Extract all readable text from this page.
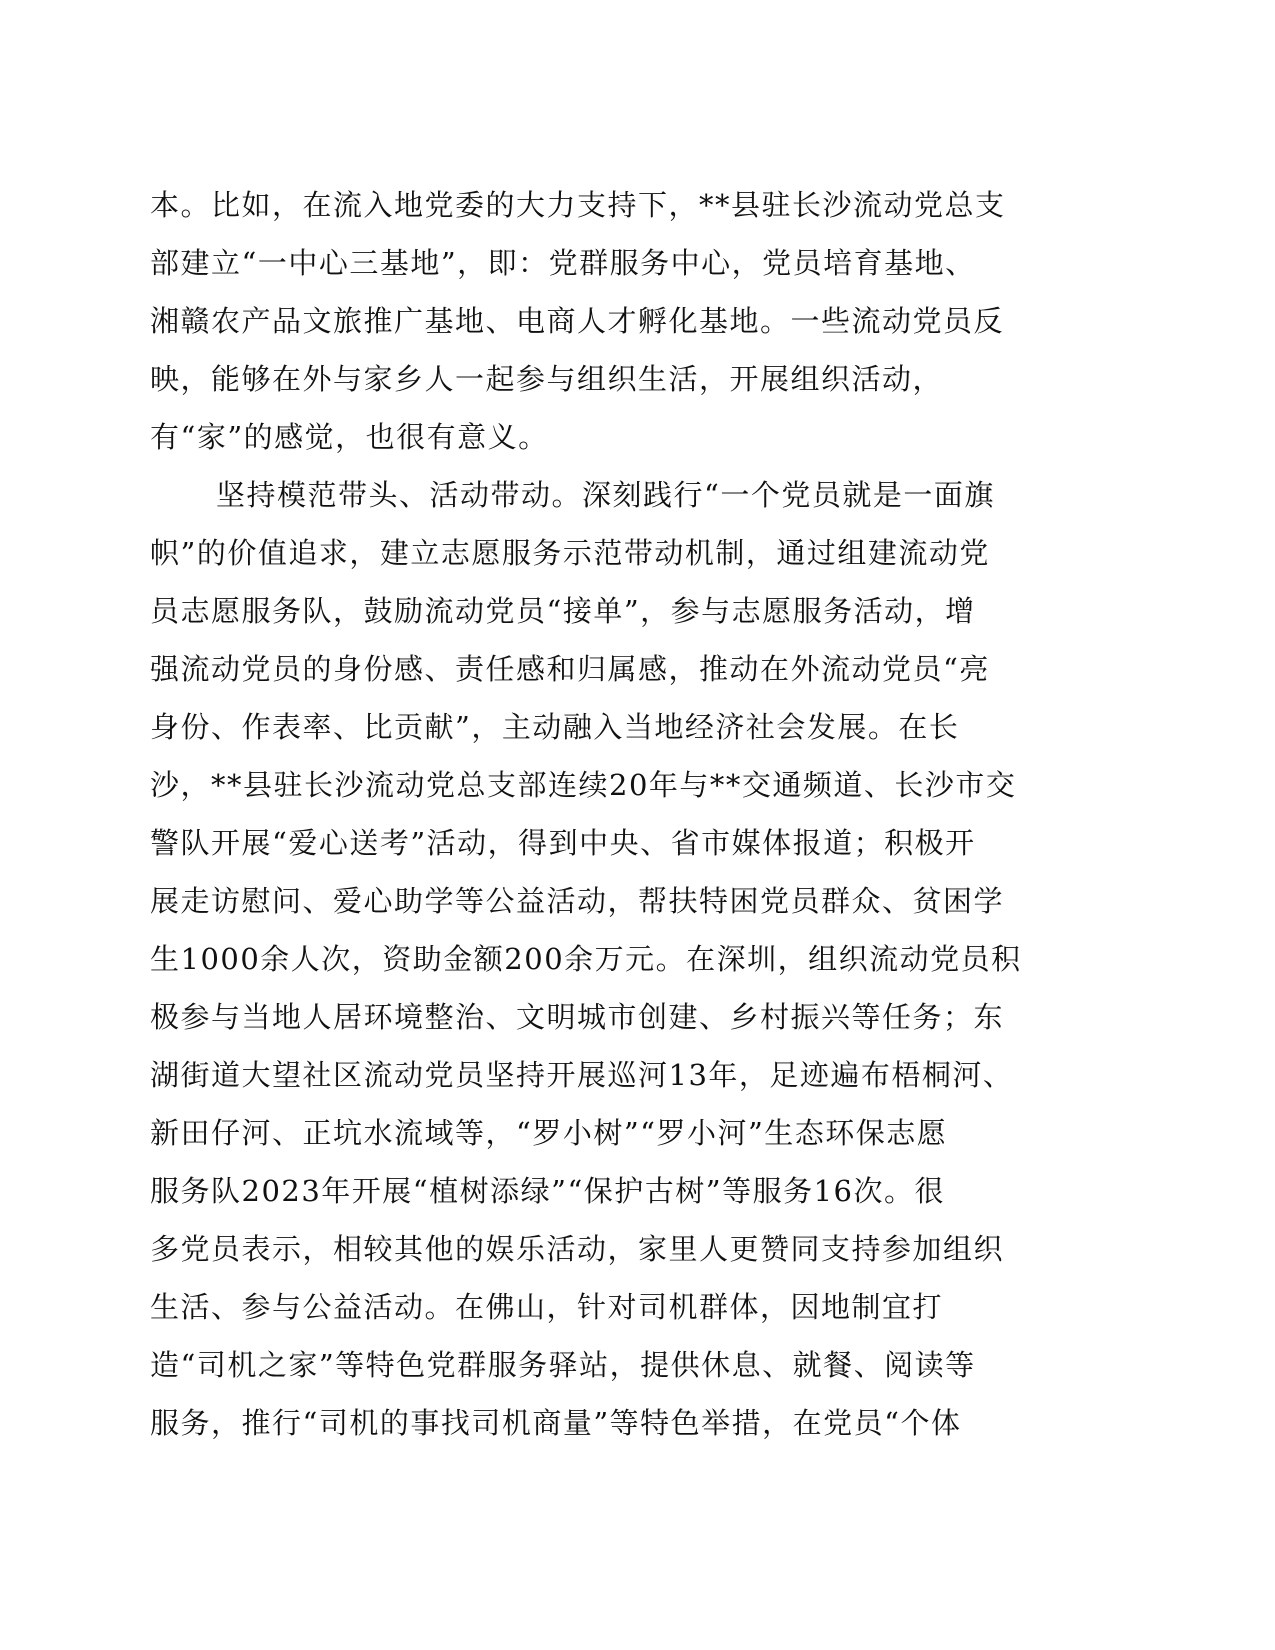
本。比如，在流入地党委的大力支持下，**县驻长沙流动党总支
部建立“一中心三基地”，即：党群服务中心，党员培育基地、
湘赣农产品文旅推广基地、电商人才孵化基地。一些流动党员反
映，能够在外与家乡人一起参与组织生活，开展组织活动，
有“家”的感觉，也很有意义。
坚持模范带头、活动带动。深刻践行“一个党员就是一面旗
帜”的价值追求，建立志愿服务示范带动机制，通过组建流动党
员志愿服务队，鼓励流动党员“接单”，参与志愿服务活动，增
强流动党员的身份感、责任感和归属感，推动在外流动党员“亮
身份、作表率、比贡献”，主动融入当地经济社会发展。在长
沙，**县驻长沙流动党总支部连续20年与**交通频道、长沙市交
警队开展“爱心送考”活动，得到中央、省市媒体报道；积极开
展走访慰问、爱心助学等公益活动，帮扶特困党员群众、贫困学
生1000余人次，资助金额200余万元。在深圳，组织流动党员积
极参与当地人居环境整治、文明城市创建、乡村振兴等任务；东
湖街道大望社区流动党员坚持开展巡河13年，足迹遍布梧桐河、
新田仔河、正坑水流域等，“罗小树”“罗小河”生态环保志愿
服务队2023年开展“植树添绿”“保护古树”等服务16次。很
多党员表示，相较其他的娱乐活动，家里人更赞同支持参加组织
生活、参与公益活动。在佛山，针对司机群体，因地制宜打
造“司机之家”等特色党群服务驿站，提供休息、就餐、阅读等
服务，推行“司机的事找司机商量”等特色举措，在党员“个体
